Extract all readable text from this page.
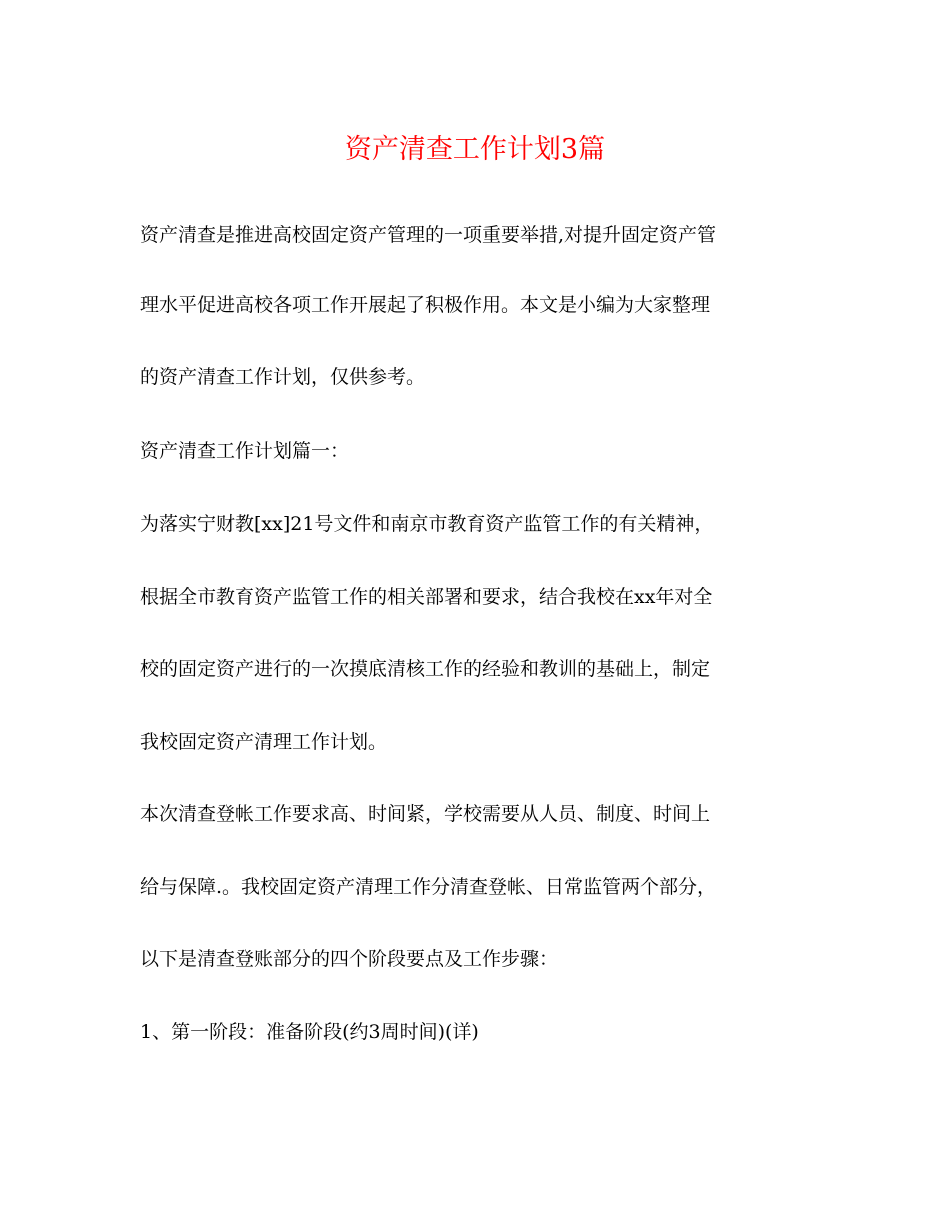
资产清查工作计划3篇

资产清查是推进高校固定资产管理的一项重要举措,对提升固定资产管

理水平促进高校各项工作开展起了积极作用。本文是小编为大家整理

的资产清查工作计划，仅供参考。

资产清查工作计划篇一：

为落实宁财教[xx]21号文件和南京市教育资产监管工作的有关精神，

根据全市教育资产监管工作的相关部署和要求，结合我校在xx年对全

校的固定资产进行的一次摸底清核工作的经验和教训的基础上，制定

我校固定资产清理工作计划。

本次清查登帐工作要求高、时间紧，学校需要从人员、制度、时间上

给与保障.。我校固定资产清理工作分清查登帐、日常监管两个部分，

以下是清查登账部分的四个阶段要点及工作步骤：

1、第一阶段：准备阶段(约3周时间)(详)
